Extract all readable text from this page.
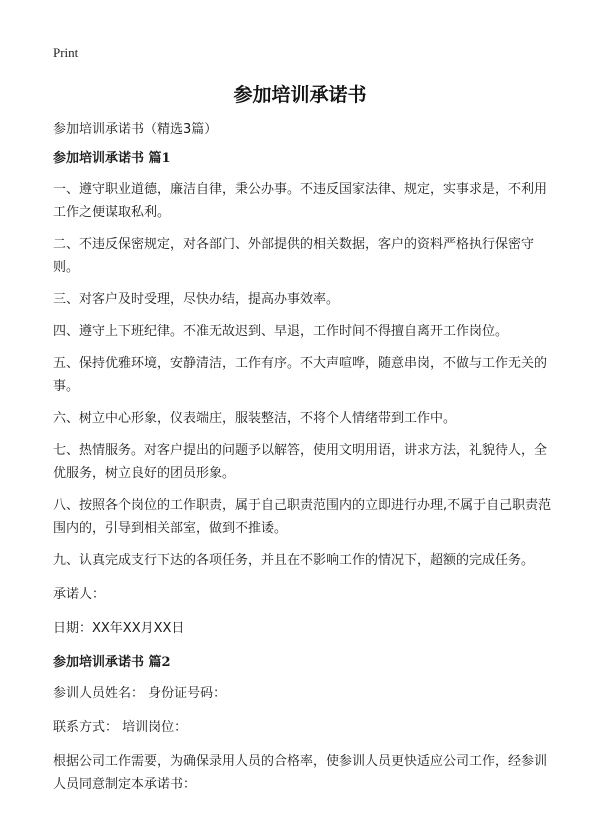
Print
参加培训承诺书

参加培训承诺书（精选3篇）

参加培训承诺书 篇1

一、遵守职业道德，廉洁自律，秉公办事。不违反国家法律、规定，实事求是，不利用工作之便谋取私利。

二、不违反保密规定，对各部门、外部提供的相关数据，客户的资料严格执行保密守则。

三、对客户及时受理，尽快办结，提高办事效率。

四、遵守上下班纪律。不准无故迟到、早退，工作时间不得擅自离开工作岗位。

五、保持优雅环境，安静清洁，工作有序。不大声喧哗，随意串岗，不做与工作无关的事。

六、树立中心形象，仪表端庄，服装整洁，不将个人情绪带到工作中。

七、热情服务。对客户提出的问题予以解答，使用文明用语，讲求方法，礼貌待人，全优服务，树立良好的团员形象。

八、按照各个岗位的工作职责，属于自己职责范围内的立即进行办理,不属于自己职责范围内的，引导到相关部室，做到不推诿。

九、认真完成支行下达的各项任务，并且在不影响工作的情况下，超额的完成任务。

承诺人：

日期：XX年XX月XX日

参加培训承诺书 篇2

参训人员姓名： 身份证号码：

联系方式： 培训岗位：

根据公司工作需要，为确保录用人员的合格率，使参训人员更快适应公司工作，经参训人员同意制定本承诺书：
